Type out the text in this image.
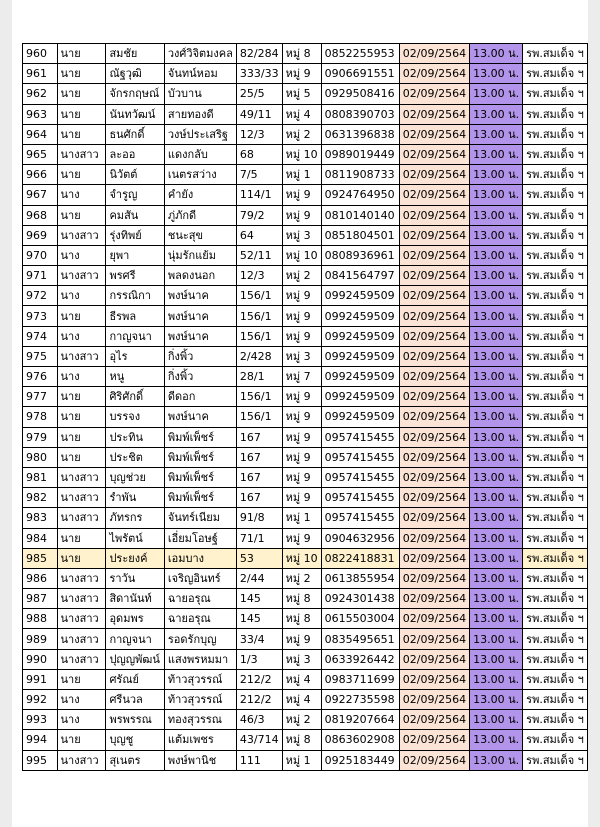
960	นาย	สมชัย	วงศ์วิจิตมงคล	82/284	หมู่ 8	0852255953	02/09/2564	13.00 น.	รพ.สมเด็จ ฯ
961	นาย	ณัฐวุฒิ	จันทน์หอม	333/33	หมู่ 9	0906691551	02/09/2564	13.00 น.	รพ.สมเด็จ ฯ
962	นาย	จักรกฤษณ์	บัวบาน	25/5	หมู่ 5	0929508416	02/09/2564	13.00 น.	รพ.สมเด็จ ฯ
963	นาย	นันทวัฒน์	สายทองดี	49/11	หมู่ 4	0808390703	02/09/2564	13.00 น.	รพ.สมเด็จ ฯ
964	นาย	ธนศักดิ์	วงษ์ประเสริฐ	12/3	หมู่ 2	0631396838	02/09/2564	13.00 น.	รพ.สมเด็จ ฯ
965	นางสาว	ละออ	แดงกลับ	68	หมู่ 10	0989019449	02/09/2564	13.00 น.	รพ.สมเด็จ ฯ
966	นาย	นิวัตต์	เนตรสว่าง	7/5	หมู่ 1	0811908733	02/09/2564	13.00 น.	รพ.สมเด็จ ฯ
967	นาง	จำรูญ	คำยัง	114/1	หมู่ 9	0924764950	02/09/2564	13.00 น.	รพ.สมเด็จ ฯ
968	นาย	คมสัน	ภู่ภักดี	79/2	หมู่ 9	0810140140	02/09/2564	13.00 น.	รพ.สมเด็จ ฯ
969	นางสาว	รุ่งทิพย์	ชนะสุข	64	หมู่ 3	0851804501	02/09/2564	13.00 น.	รพ.สมเด็จ ฯ
970	นาง	ยุพา	นุ่มรักแย้ม	52/11	หมู่ 10	0808936961	02/09/2564	13.00 น.	รพ.สมเด็จ ฯ
971	นางสาว	พรศรี	พลดงนอก	12/3	หมู่ 2	0841564797	02/09/2564	13.00 น.	รพ.สมเด็จ ฯ
972	นาง	กรรณิกา	พงษ์นาค	156/1	หมู่ 9	0992459509	02/09/2564	13.00 น.	รพ.สมเด็จ ฯ
973	นาย	ธีรพล	พงษ์นาค	156/1	หมู่ 9	0992459509	02/09/2564	13.00 น.	รพ.สมเด็จ ฯ
974	นาง	กาญจนา	พงษ์นาค	156/1	หมู่ 9	0992459509	02/09/2564	13.00 น.	รพ.สมเด็จ ฯ
975	นางสาว	อุไร	กิ่งพิ้ว	2/428	หมู่ 3	0992459509	02/09/2564	13.00 น.	รพ.สมเด็จ ฯ
976	นาง	หนู	กิ่งพิ้ว	28/1	หมู่ 7	0992459509	02/09/2564	13.00 น.	รพ.สมเด็จ ฯ
977	นาย	ศิริศักดิ์	ดีดอก	156/1	หมู่ 9	0992459509	02/09/2564	13.00 น.	รพ.สมเด็จ ฯ
978	นาย	บรรจง	พงษ์นาค	156/1	หมู่ 9	0992459509	02/09/2564	13.00 น.	รพ.สมเด็จ ฯ
979	นาย	ประทิน	พิมพ์เพ็ชร์	167	หมู่ 9	0957415455	02/09/2564	13.00 น.	รพ.สมเด็จ ฯ
980	นาย	ประชิต	พิมพ์เพ็ชร์	167	หมู่ 9	0957415455	02/09/2564	13.00 น.	รพ.สมเด็จ ฯ
981	นางสาว	บุญช่วย	พิมพ์เพ็ชร์	167	หมู่ 9	0957415455	02/09/2564	13.00 น.	รพ.สมเด็จ ฯ
982	นางสาว	รำพัน	พิมพ์เพ็ชร์	167	หมู่ 9	0957415455	02/09/2564	13.00 น.	รพ.สมเด็จ ฯ
983	นางสาว	ภัทรกร	จันทร์เนียม	91/8	หมู่ 1	0957415455	02/09/2564	13.00 น.	รพ.สมเด็จ ฯ
984	นาย	ไพรัตน์	เอี่ยมโอษฐ์	71/1	หมู่ 9	0904632956	02/09/2564	13.00 น.	รพ.สมเด็จ ฯ
985	นาย	ประยงค์	เอมบาง	53	หมู่ 10	0822418831	02/09/2564	13.00 น.	รพ.สมเด็จ ฯ
986	นางสาว	ราวัน	เจริญอินทร์	2/44	หมู่ 2	0613855954	02/09/2564	13.00 น.	รพ.สมเด็จ ฯ
987	นางสาว	สิดานันท์	ฉายอรุณ	145	หมู่ 8	0924301438	02/09/2564	13.00 น.	รพ.สมเด็จ ฯ
988	นางสาว	อุดมพร	ฉายอรุณ	145	หมู่ 8	0615503004	02/09/2564	13.00 น.	รพ.สมเด็จ ฯ
989	นางสาว	กาญจนา	รอดรักบุญ	33/4	หมู่ 9	0835495651	02/09/2564	13.00 น.	รพ.สมเด็จ ฯ
990	นางสาว	ปุญญพัฒน์	แสงพรหมมา	1/3	หมู่ 3	0633926442	02/09/2564	13.00 น.	รพ.สมเด็จ ฯ
991	นาย	ศรัณย์	ท้าวสุวรรณ์	212/2	หมู่ 4	0983711699	02/09/2564	13.00 น.	รพ.สมเด็จ ฯ
992	นาง	ศรีนวล	ท้าวสุวรรณ์	212/2	หมู่ 4	0922735598	02/09/2564	13.00 น.	รพ.สมเด็จ ฯ
993	นาง	พรพรรณ	ทองสุวรรณ	46/3	หมู่ 2	0819207664	02/09/2564	13.00 น.	รพ.สมเด็จ ฯ
994	นาย	บุญชู	แต้มเพชร	43/714	หมู่ 8	0863602908	02/09/2564	13.00 น.	รพ.สมเด็จ ฯ
995	นางสาว	สุเนตร	พงษ์พานิช	111	หมู่ 1	0925183449	02/09/2564	13.00 น.	รพ.สมเด็จ ฯ
